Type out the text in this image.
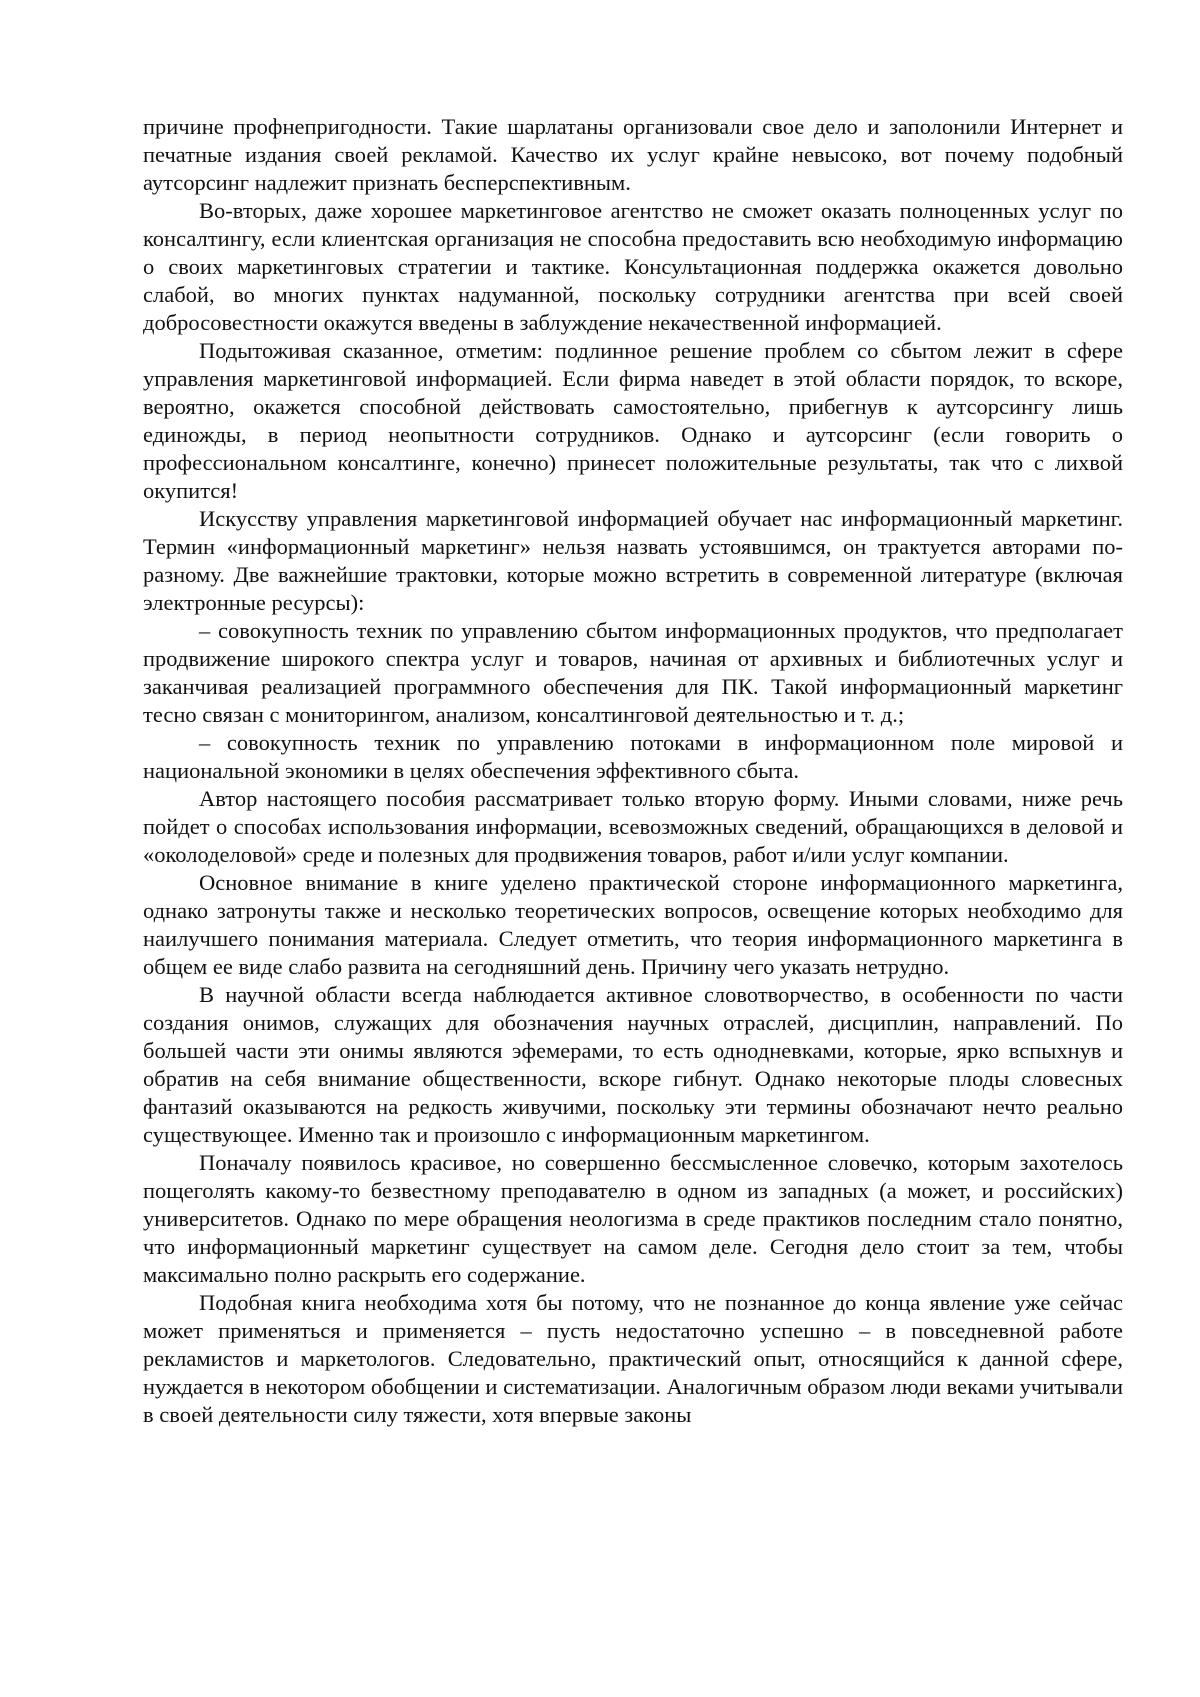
причине профнепригодности. Такие шарлатаны организовали свое дело и заполонили Интернет и печатные издания своей рекламой. Качество их услуг крайне невысоко, вот почему подобный аутсорсинг надлежит признать бесперспективным.

Во-вторых, даже хорошее маркетинговое агентство не сможет оказать полноценных услуг по консалтингу, если клиентская организация не способна предоставить всю необходимую информацию о своих маркетинговых стратегии и тактике. Консультационная поддержка окажется довольно слабой, во многих пунктах надуманной, поскольку сотрудники агентства при всей своей добросовестности окажутся введены в заблуждение некачественной информацией.

Подытоживая сказанное, отметим: подлинное решение проблем со сбытом лежит в сфере управления маркетинговой информацией. Если фирма наведет в этой области порядок, то вскоре, вероятно, окажется способной действовать самостоятельно, прибегнув к аутсорсингу лишь единожды, в период неопытности сотрудников. Однако и аутсорсинг (если говорить о профессиональном консалтинге, конечно) принесет положительные результаты, так что с лихвой окупится!

Искусству управления маркетинговой информацией обучает нас информационный маркетинг. Термин «информационный маркетинг» нельзя назвать устоявшимся, он трактуется авторами по-разному. Две важнейшие трактовки, которые можно встретить в современной литературе (включая электронные ресурсы):

– совокупность техник по управлению сбытом информационных продуктов, что предполагает продвижение широкого спектра услуг и товаров, начиная от архивных и библиотечных услуг и заканчивая реализацией программного обеспечения для ПК. Такой информационный маркетинг тесно связан с мониторингом, анализом, консалтинговой деятельностью и т. д.;

– совокупность техник по управлению потоками в информационном поле мировой и национальной экономики в целях обеспечения эффективного сбыта.

Автор настоящего пособия рассматривает только вторую форму. Иными словами, ниже речь пойдет о способах использования информации, всевозможных сведений, обращающихся в деловой и «околоделовой» среде и полезных для продвижения товаров, работ и/или услуг компании.

Основное внимание в книге уделено практической стороне информационного маркетинга, однако затронуты также и несколько теоретических вопросов, освещение которых необходимо для наилучшего понимания материала. Следует отметить, что теория информационного маркетинга в общем ее виде слабо развита на сегодняшний день. Причину чего указать нетрудно.

В научной области всегда наблюдается активное словотворчество, в особенности по части создания онимов, служащих для обозначения научных отраслей, дисциплин, направлений. По большей части эти онимы являются эфемерами, то есть однодневками, которые, ярко вспыхнув и обратив на себя внимание общественности, вскоре гибнут. Однако некоторые плоды словесных фантазий оказываются на редкость живучими, поскольку эти термины обозначают нечто реально существующее. Именно так и произошло с информационным маркетингом.

Поначалу появилось красивое, но совершенно бессмысленное словечко, которым захотелось пощеголять какому-то безвестному преподавателю в одном из западных (а может, и российских) университетов. Однако по мере обращения неологизма в среде практиков последним стало понятно, что информационный маркетинг существует на самом деле. Сегодня дело стоит за тем, чтобы максимально полно раскрыть его содержание.

Подобная книга необходима хотя бы потому, что не познанное до конца явление уже сейчас может применяться и применяется – пусть недостаточно успешно – в повседневной работе рекламистов и маркетологов. Следовательно, практический опыт, относящийся к данной сфере, нуждается в некотором обобщении и систематизации. Аналогичным образом люди веками учитывали в своей деятельности силу тяжести, хотя впервые законы
